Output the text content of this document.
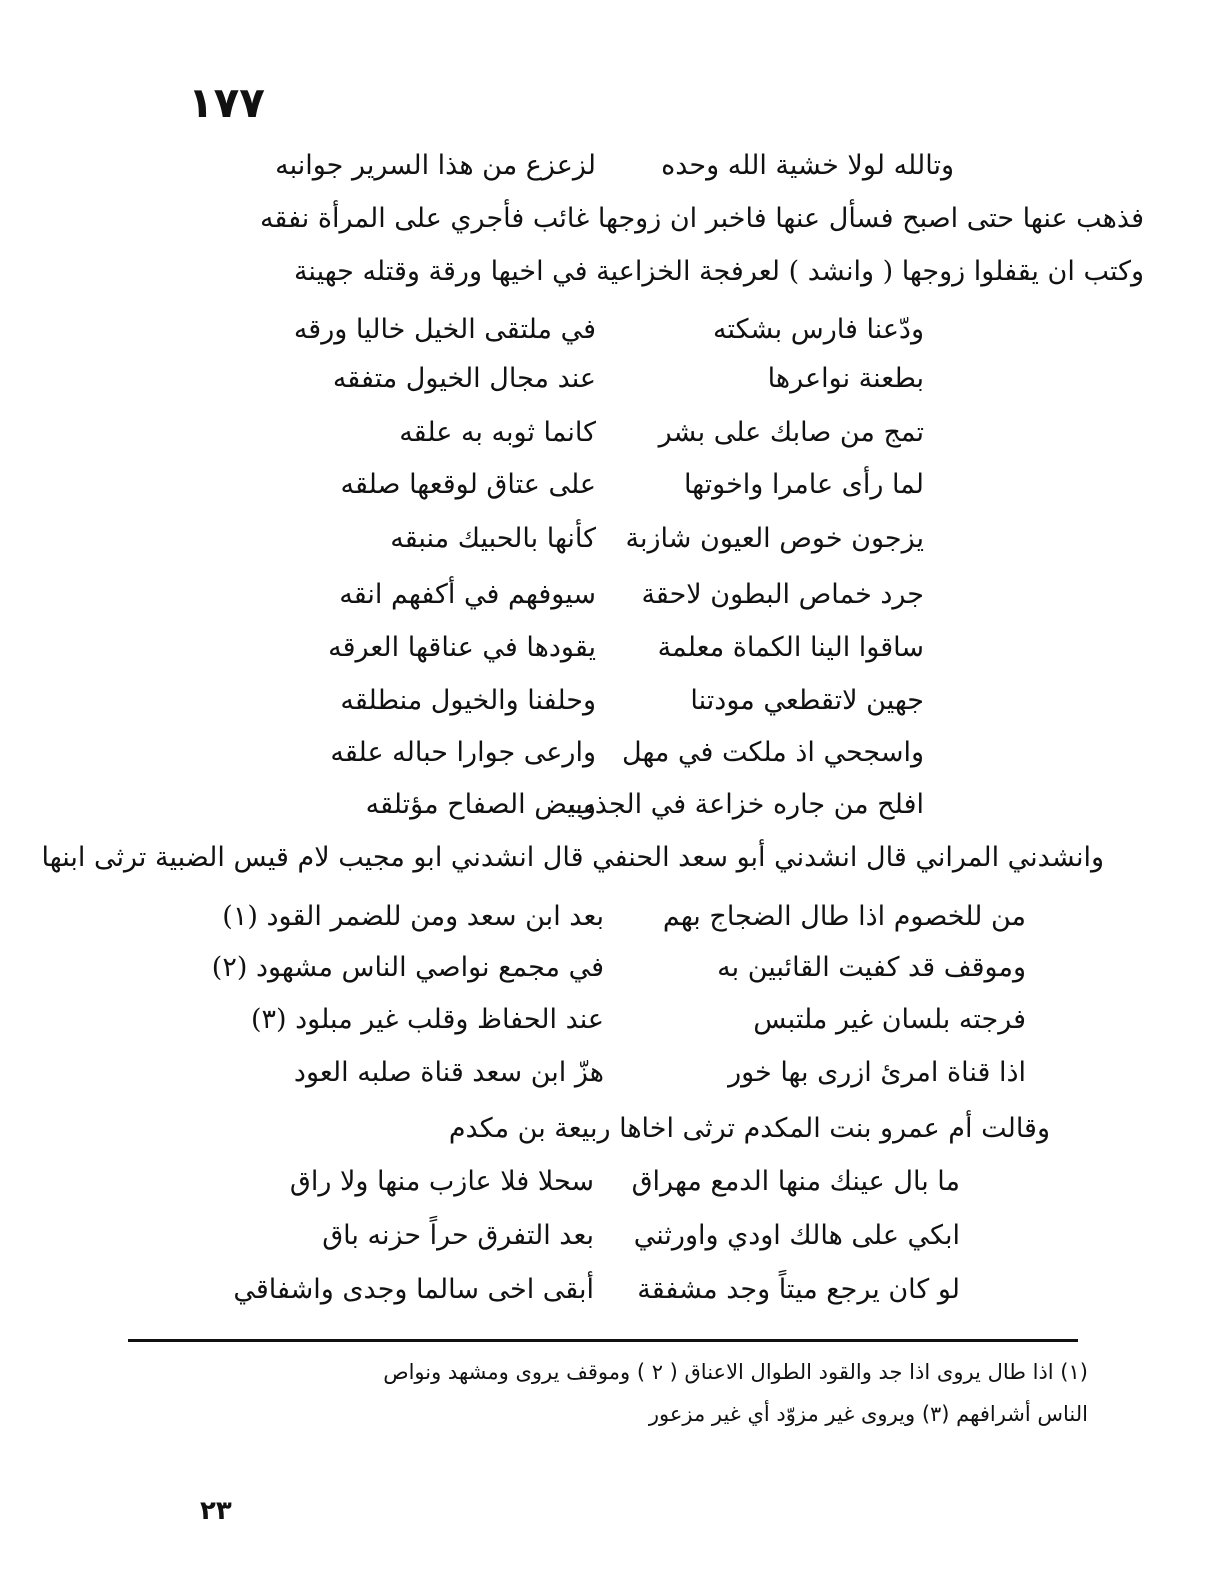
١٧٧
وتالله لولا خشية الله وحده
لزعزع من هذا السرير جوانبه
فذهب عنها حتى اصبح فسأل عنها فاخبر ان زوجها غائب فأجري على المرأة نفقه
وكتب ان يقفلوا زوجها ( وانشد ) لعرفجة الخزاعية في اخيها ورقة وقتله جهينة
ودّعنا فارس بشكته
في ملتقى الخيل خاليا ورقه
بطعنة نواعرها
عند مجال الخيول متفقه
تمج من صابك على بشر
كانما ثوبه به علقه
لما رأى عامرا واخوتها
على عتاق لوقعها صلقه
يزجون خوص العيون شازبة
كأنها بالحبيك منبقه
جرد خماص البطون لاحقة
سيوفهم في أكفهم انقه
ساقوا الينا الكماة معلمة
يقودها في عناقها العرقه
جهين لاتقطعي مودتنا
وحلفنا والخيول منطلقه
واسجحي اذ ملكت في مهل
وارعى جوارا حباله علقه
افلح من جاره خزاعة في الجذب
وبيض الصفاح مؤتلقه
وانشدني المراني قال انشدني أبو سعد الحنفي قال انشدني ابو مجيب لام قيس الضبية ترثى ابنها
من للخصوم اذا طال الضجاج بهم
بعد ابن سعد ومن للضمر القود (١)
وموقف قد كفيت القائبين به
في مجمع نواصي الناس مشهود (٢)
فرجته بلسان غير ملتبس
عند الحفاظ وقلب غير مبلود (٣)
اذا قناة امرئ ازرى بها خور
هزّ ابن سعد قناة صلبه العود
وقالت أم عمرو بنت المكدم ترثى اخاها ربيعة بن مكدم
ما بال عينك منها الدمع مهراق
سحلا فلا عازب منها ولا راق
ابكي على هالك اودي واورثني
بعد التفرق حراً حزنه باق
لو كان يرجع ميتاً وجد مشفقة
أبقى اخى سالما وجدى واشفاقي
(١) اذا طال يروى اذا جد والقود الطوال الاعناق ( ٢ ) وموقف يروى ومشهد ونواص
الناس أشرافهم (٣) ويروى غير مزوّد أي غير مزعور
٢٣
